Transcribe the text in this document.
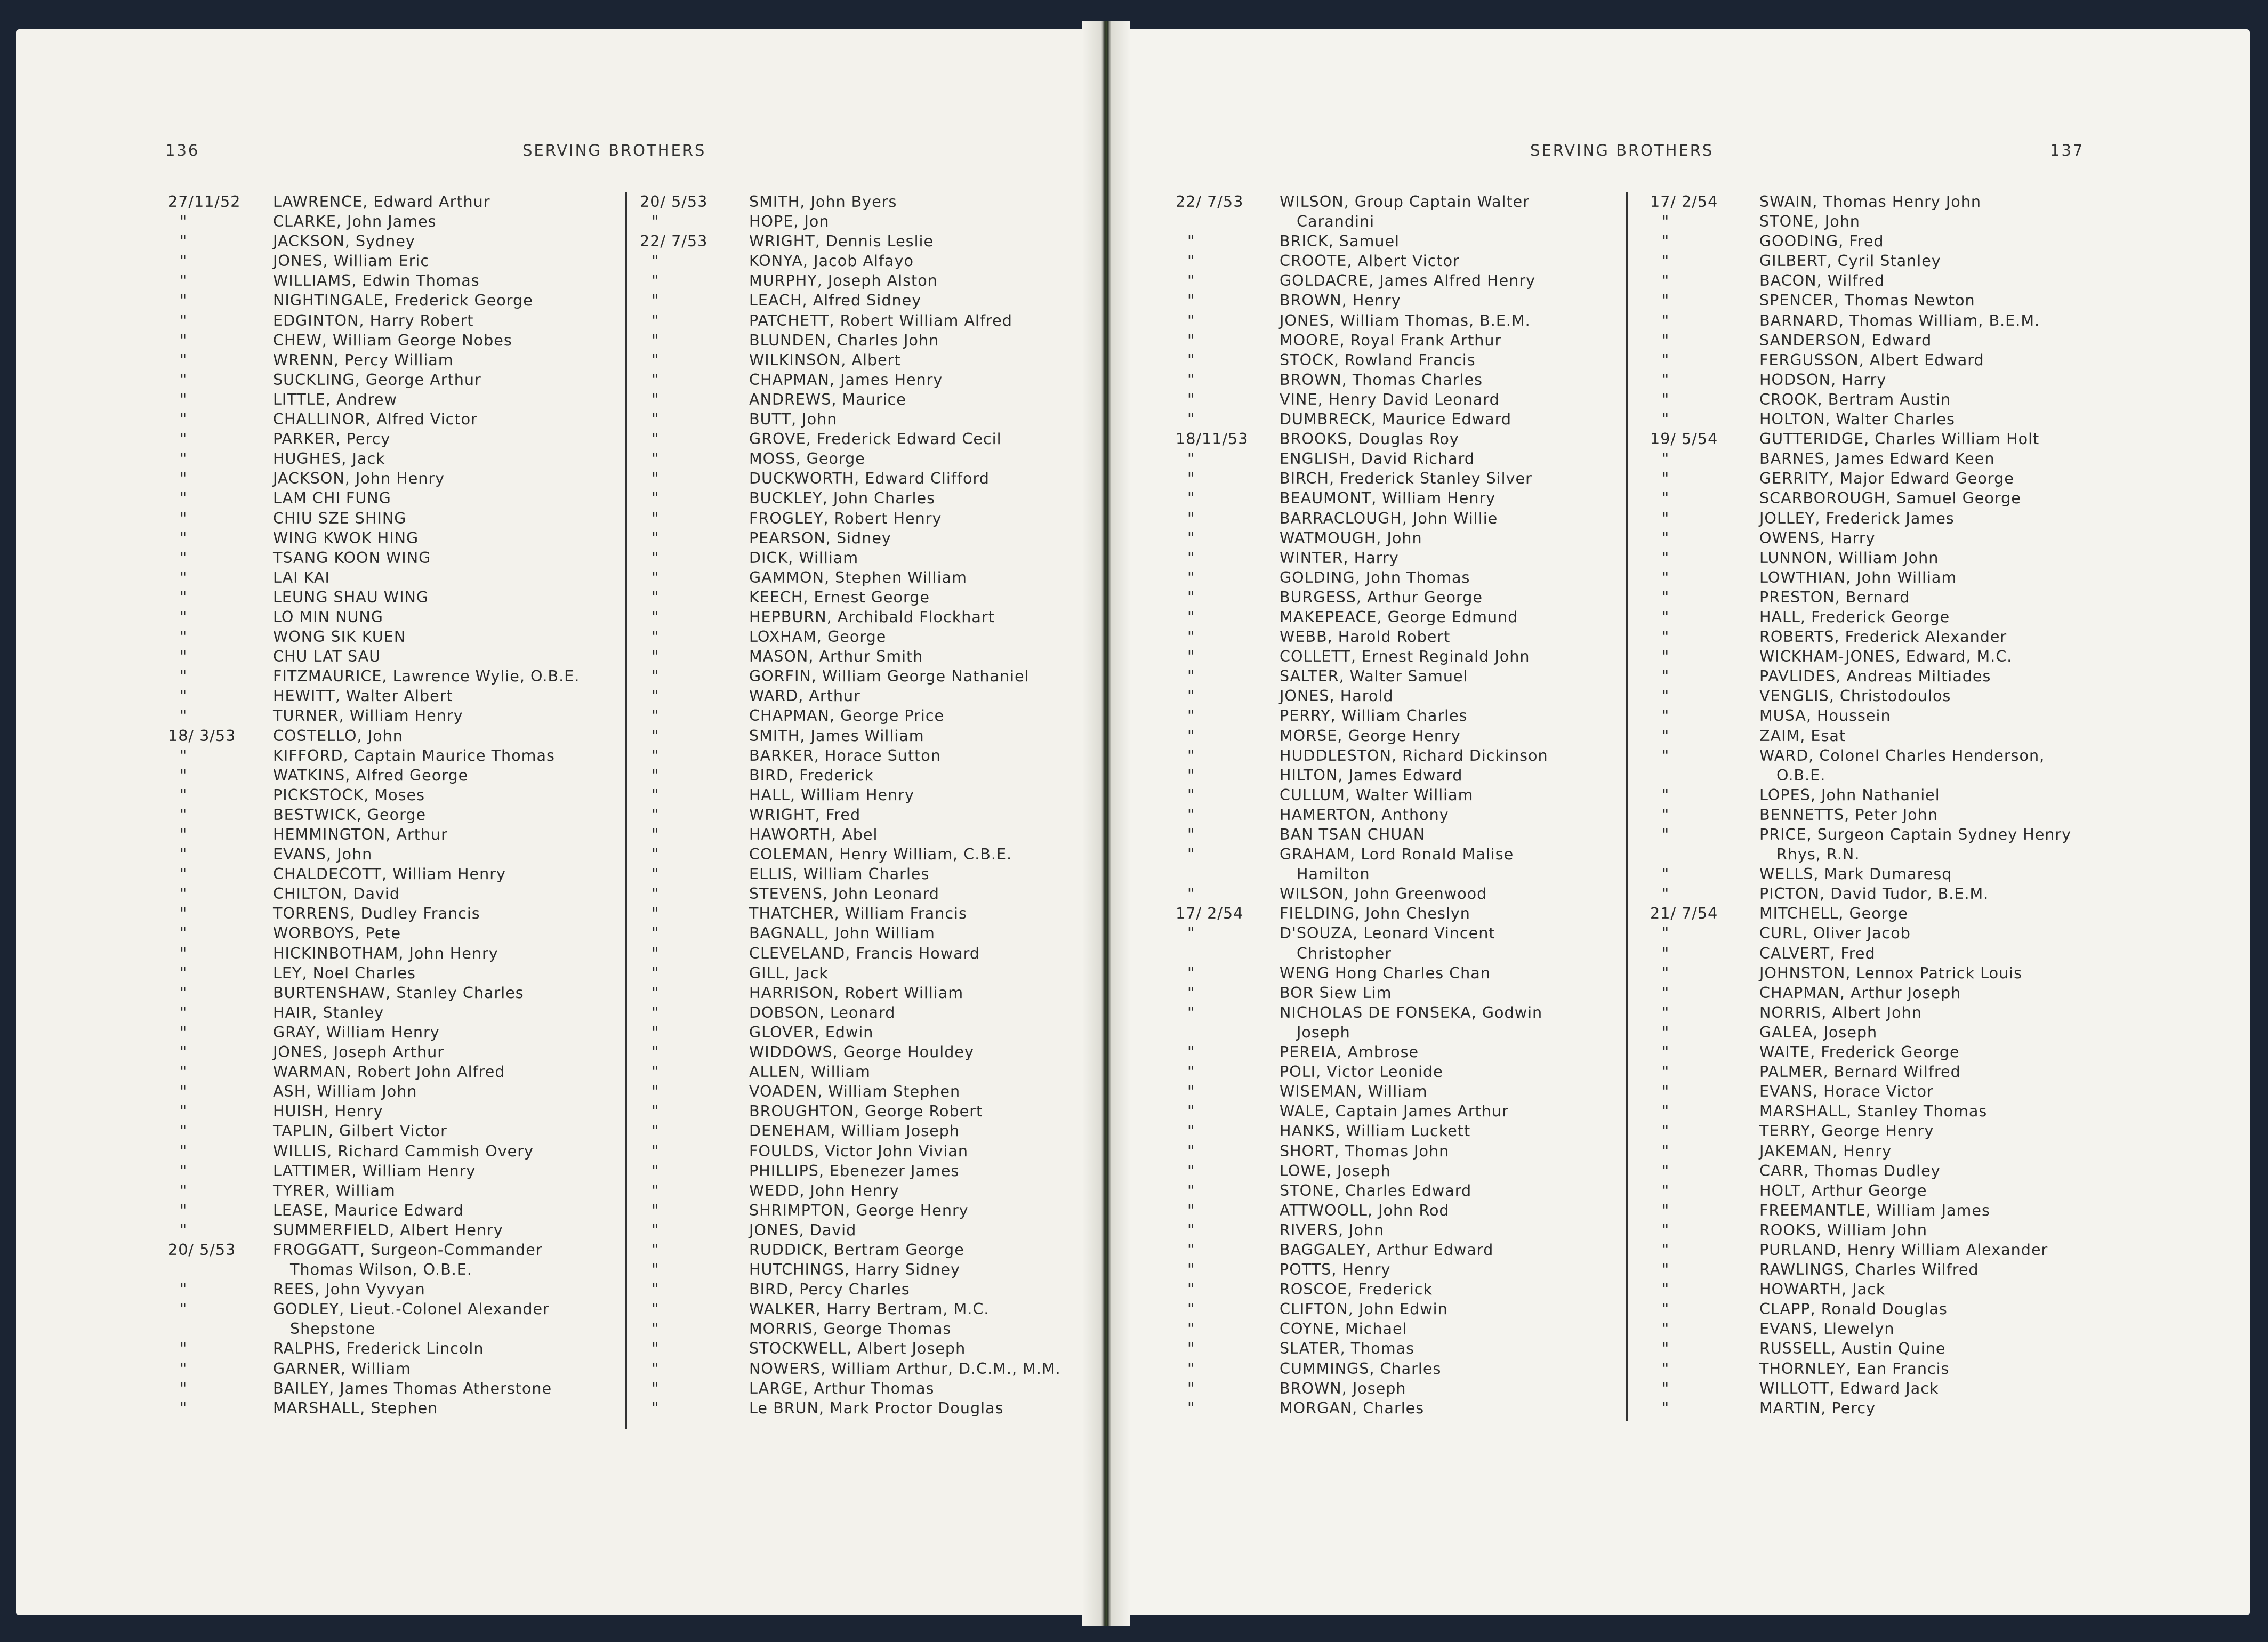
136	SERVING BROTHERS	SERVING BROTHERS	137
27/11/52 LAWRENCE, Edward Arthur
"	CLARKE, John James
"	JACKSON, Sydney
"	JONES, William Eric
"	WILLIAMS, Edwin Thomas
"	NIGHTINGALE, Frederick George
"	EDGINTON, Harry Robert
"	CHEW, William George Nobes
"	WRENN, Percy William
"	SUCKLING, George Arthur
"	LITTLE, Andrew
"	CHALLINOR, Alfred Victor
"	PARKER, Percy
"	HUGHES, Jack
"	JACKSON, John Henry
"	LAM CHI FUNG
"	CHIU SZE SHING
"	WING KWOK HING
"	TSANG KOON WING
"	LAI KAI
"	LEUNG SHAU WING
"	LO MIN NUNG
"	WONG SIK KUEN
"	CHU LAT SAU
"	FITZMAURICE, Lawrence Wylie, O.B.E.
"	HEWITT, Walter Albert
"	TURNER, William Henry
18/ 3/53 COSTELLO, John
"	KIFFORD, Captain Maurice Thomas
"	WATKINS, Alfred George
"	PICKSTOCK, Moses
"	BESTWICK, George
"	HEMMINGTON, Arthur
"	EVANS, John
"	CHALDECOTT, William Henry
"	CHILTON, David
"	TORRENS, Dudley Francis
"	WORBOYS, Pete
"	HICKINBOTHAM, John Henry
"	LEY, Noel Charles
"	BURTENSHAW, Stanley Charles
"	HAIR, Stanley
"	GRAY, William Henry
"	JONES, Joseph Arthur
"	WARMAN, Robert John Alfred
"	ASH, William John
"	HUISH, Henry
"	TAPLIN, Gilbert Victor
"	WILLIS, Richard Cammish Overy
"	LATTIMER, William Henry
"	TYRER, William
"	LEASE, Maurice Edward
"	SUMMERFIELD, Albert Henry
20/ 5/53 FROGGATT, Surgeon-Commander
Thomas Wilson, O.B.E.
"	REES, John Vyvyan
"	GODLEY, Lieut.-Colonel Alexander
Shepstone
"	RALPHS, Frederick Lincoln
"	GARNER, William
"	BAILEY, James Thomas Atherstone
"	MARSHALL, Stephen
20/ 5/53	SMITH, John Byers
"	HOPE, Jon
22/ 7/53	WRIGHT, Dennis Leslie
"	KONYA, Jacob Alfayo
"	MURPHY, Joseph Alston
"	LEACH, Alfred Sidney
"	PATCHETT, Robert William Alfred
"	BLUNDEN, Charles John
"	WILKINSON, Albert
"	CHAPMAN, James Henry
"	ANDREWS, Maurice
"	BUTT, John
"	GROVE, Frederick Edward Cecil
"	MOSS, George
"	DUCKWORTH, Edward Clifford
"	BUCKLEY, John Charles
"	FROGLEY, Robert Henry
"	PEARSON, Sidney
"	DICK, William
"	GAMMON, Stephen William
"	KEECH, Ernest George
"	HEPBURN, Archibald Flockhart
"	LOXHAM, George
"	MASON, Arthur Smith
"	GORFIN, William George Nathaniel
"	WARD, Arthur
"	CHAPMAN, George Price
"	SMITH, James William
"	BARKER, Horace Sutton
"	BIRD, Frederick
"	HALL, William Henry
"	WRIGHT, Fred
"	HAWORTH, Abel
"	COLEMAN, Henry William, C.B.E.
"	ELLIS, William Charles
"	STEVENS, John Leonard
"	THATCHER, William Francis
"	BAGNALL, John William
"	CLEVELAND, Francis Howard
"	GILL, Jack
"	HARRISON, Robert William
"	DOBSON, Leonard
"	GLOVER, Edwin
"	WIDDOWS, George Houldey
"	ALLEN, William
"	VOADEN, William Stephen
"	BROUGHTON, George Robert
"	DENEHAM, William Joseph
"	FOULDS, Victor John Vivian
"	PHILLIPS, Ebenezer James
"	WEDD, John Henry
"	SHRIMPTON, George Henry
"	JONES, David
"	RUDDICK, Bertram George
"	HUTCHINGS, Harry Sidney
"	BIRD, Percy Charles
"	WALKER, Harry Bertram, M.C.
"	MORRIS, George Thomas
"	STOCKWELL, Albert Joseph
"	NOWERS, William Arthur, D.C.M., M.M.
"	LARGE, Arthur Thomas
"	Le BRUN, Mark Proctor Douglas
22/ 7/53 WILSON, Group Captain Walter
Carandini
"	BRICK, Samuel
"	CROOTE, Albert Victor
"	GOLDACRE, James Alfred Henry
"	BROWN, Henry
"	JONES, William Thomas, B.E.M.
"	MOORE, Royal Frank Arthur
"	STOCK, Rowland Francis
"	BROWN, Thomas Charles
"	VINE, Henry David Leonard
"	DUMBRECK, Maurice Edward
18/11/53 BROOKS, Douglas Roy
"	ENGLISH, David Richard
"	BIRCH, Frederick Stanley Silver
"	BEAUMONT, William Henry
"	BARRACLOUGH, John Willie
"	WATMOUGH, John
"	WINTER, Harry
"	GOLDING, John Thomas
"	BURGESS, Arthur George
"	MAKEPEACE, George Edmund
"	WEBB, Harold Robert
"	COLLETT, Ernest Reginald John
"	SALTER, Walter Samuel
"	JONES, Harold
"	PERRY, William Charles
"	MORSE, George Henry
"	HUDDLESTON, Richard Dickinson
"	HILTON, James Edward
"	CULLUM, Walter William
"	HAMERTON, Anthony
"	BAN TSAN CHUAN
"	GRAHAM, Lord Ronald Malise
Hamilton
"	WILSON, John Greenwood
17/ 2/54 FIELDING, John Cheslyn
"	D'SOUZA, Leonard Vincent
Christopher
"	WENG Hong Charles Chan
"	BOR Siew Lim
"	NICHOLAS DE FONSEKA, Godwin
Joseph
"	PEREIA, Ambrose
"	POLI, Victor Leonide
"	WISEMAN, William
"	WALE, Captain James Arthur
"	HANKS, William Luckett
"	SHORT, Thomas John
"	LOWE, Joseph
"	STONE, Charles Edward
"	ATTWOOLL, John Rod
"	RIVERS, John
"	BAGGALEY, Arthur Edward
"	POTTS, Henry
"	ROSCOE, Frederick
"	CLIFTON, John Edwin
"	COYNE, Michael
"	SLATER, Thomas
"	CUMMINGS, Charles
"	BROWN, Joseph
"	MORGAN, Charles
17/ 2/54	SWAIN, Thomas Henry John
"	STONE, John
"	GOODING, Fred
"	GILBERT, Cyril Stanley
"	BACON, Wilfred
"	SPENCER, Thomas Newton
"	BARNARD, Thomas William, B.E.M.
"	SANDERSON, Edward
"	FERGUSSON, Albert Edward
"	HODSON, Harry
"	CROOK, Bertram Austin
"	HOLTON, Walter Charles
19/ 5/54	GUTTERIDGE, Charles William Holt
"	BARNES, James Edward Keen
"	GERRITY, Major Edward George
"	SCARBOROUGH, Samuel George
"	JOLLEY, Frederick James
"	OWENS, Harry
"	LUNNON, William John
"	LOWTHIAN, John William
"	PRESTON, Bernard
"	HALL, Frederick George
"	ROBERTS, Frederick Alexander
"	WICKHAM-JONES, Edward, M.C.
"	PAVLIDES, Andreas Miltiades
"	VENGLIS, Christodoulos
"	MUSA, Houssein
"	ZAIM, Esat
"	WARD, Colonel Charles Henderson,
O.B.E.
"	LOPES, John Nathaniel
"	BENNETTS, Peter John
"	PRICE, Surgeon Captain Sydney Henry
Rhys, R.N.
"	WELLS, Mark Dumaresq
"	PICTON, David Tudor, B.E.M.
21/ 7/54	MITCHELL, George
"	CURL, Oliver Jacob
"	CALVERT, Fred
"	JOHNSTON, Lennox Patrick Louis
"	CHAPMAN, Arthur Joseph
"	NORRIS, Albert John
"	GALEA, Joseph
"	WAITE, Frederick George
"	PALMER, Bernard Wilfred
"	EVANS, Horace Victor
"	MARSHALL, Stanley Thomas
"	TERRY, George Henry
"	JAKEMAN, Henry
"	CARR, Thomas Dudley
"	HOLT, Arthur George
"	FREEMANTLE, William James
"	ROOKS, William John
"	PURLAND, Henry William Alexander
"	RAWLINGS, Charles Wilfred
"	HOWARTH, Jack
"	CLAPP, Ronald Douglas
"	EVANS, Llewelyn
"	RUSSELL, Austin Quine
"	THORNLEY, Ean Francis
"	WILLOTT, Edward Jack
"	MARTIN, Percy
